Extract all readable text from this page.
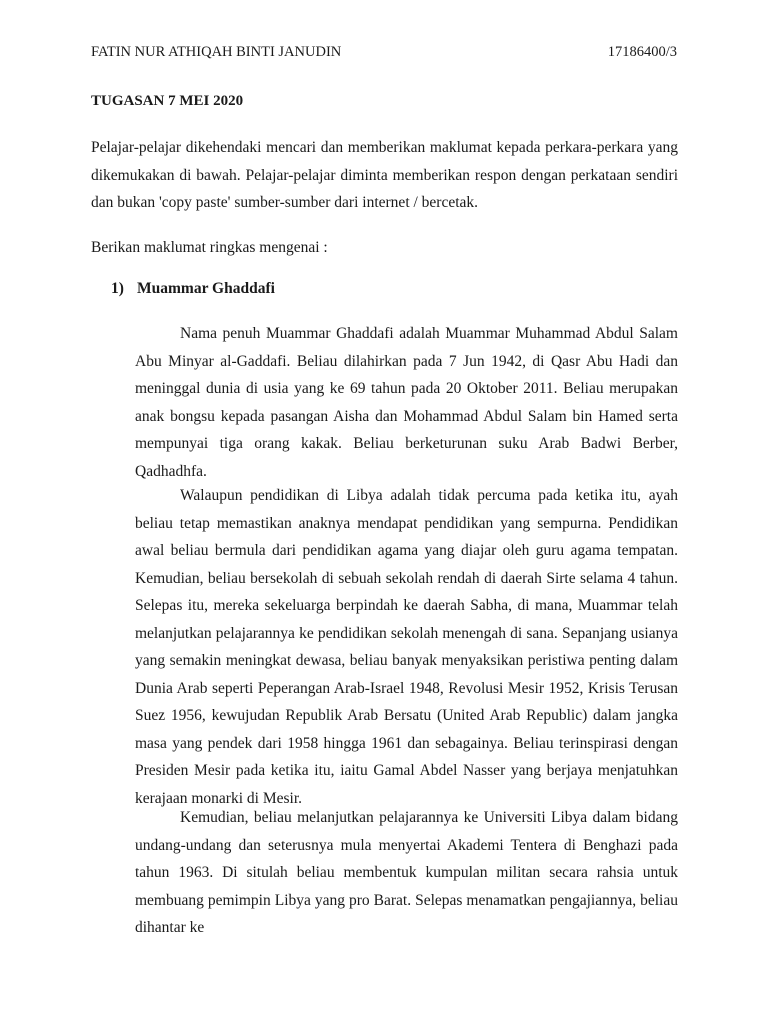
FATIN NUR ATHIQAH BINTI JANUDIN	17186400/3
TUGASAN 7 MEI 2020

Pelajar-pelajar dikehendaki mencari dan memberikan maklumat kepada perkara-perkara yang dikemukakan di bawah. Pelajar-pelajar diminta memberikan respon dengan perkataan sendiri dan bukan 'copy paste' sumber-sumber dari internet / bercetak.

Berikan maklumat ringkas mengenai :

1) Muammar Ghaddafi

Nama penuh Muammar Ghaddafi adalah Muammar Muhammad Abdul Salam Abu Minyar al-Gaddafi. Beliau dilahirkan pada 7 Jun 1942, di Qasr Abu Hadi dan meninggal dunia di usia yang ke 69 tahun pada 20 Oktober 2011. Beliau merupakan anak bongsu kepada pasangan Aisha dan Mohammad Abdul Salam bin Hamed serta mempunyai tiga orang kakak. Beliau berketurunan suku Arab Badwi Berber, Qadhadhfa.

Walaupun pendidikan di Libya adalah tidak percuma pada ketika itu, ayah beliau tetap memastikan anaknya mendapat pendidikan yang sempurna. Pendidikan awal beliau bermula dari pendidikan agama yang diajar oleh guru agama tempatan. Kemudian, beliau bersekolah di sebuah sekolah rendah di daerah Sirte selama 4 tahun. Selepas itu, mereka sekeluarga berpindah ke daerah Sabha, di mana, Muammar telah melanjutkan pelajarannya ke pendidikan sekolah menengah di sana. Sepanjang usianya yang semakin meningkat dewasa, beliau banyak menyaksikan peristiwa penting dalam Dunia Arab seperti Peperangan Arab-Israel 1948, Revolusi Mesir 1952, Krisis Terusan Suez 1956, kewujudan Republik Arab Bersatu (United Arab Republic) dalam jangka masa yang pendek dari 1958 hingga 1961 dan sebagainya. Beliau terinspirasi dengan Presiden Mesir pada ketika itu, iaitu Gamal Abdel Nasser yang berjaya menjatuhkan kerajaan monarki di Mesir.

Kemudian, beliau melanjutkan pelajarannya ke Universiti Libya dalam bidang undang-undang dan seterusnya mula menyertai Akademi Tentera di Benghazi pada tahun 1963. Di situlah beliau membentuk kumpulan militan secara rahsia untuk membuang pemimpin Libya yang pro Barat. Selepas menamatkan pengajiannya, beliau dihantar ke
